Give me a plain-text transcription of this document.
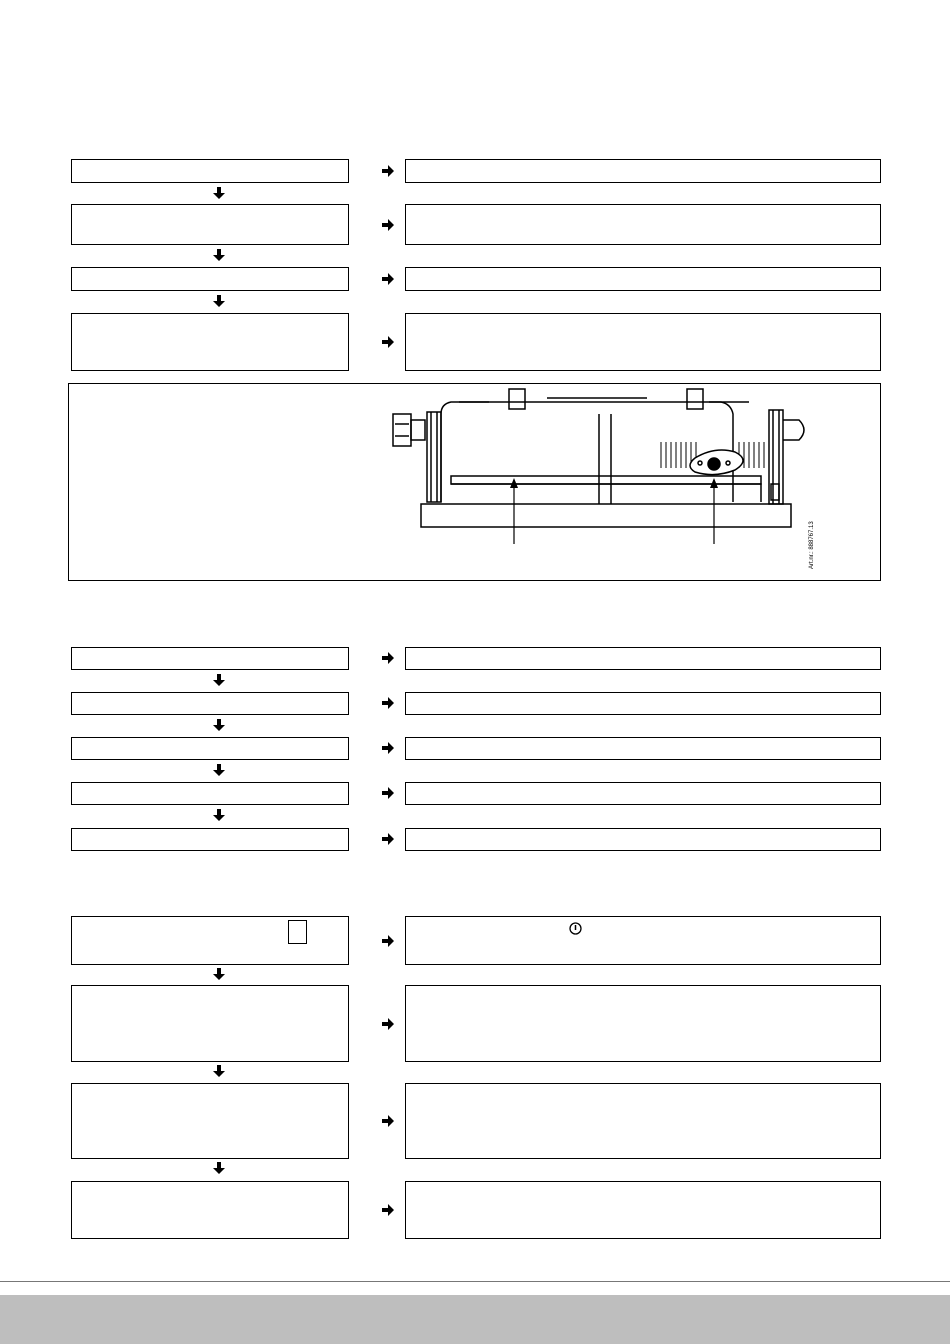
Art.nr.: 888767.13
